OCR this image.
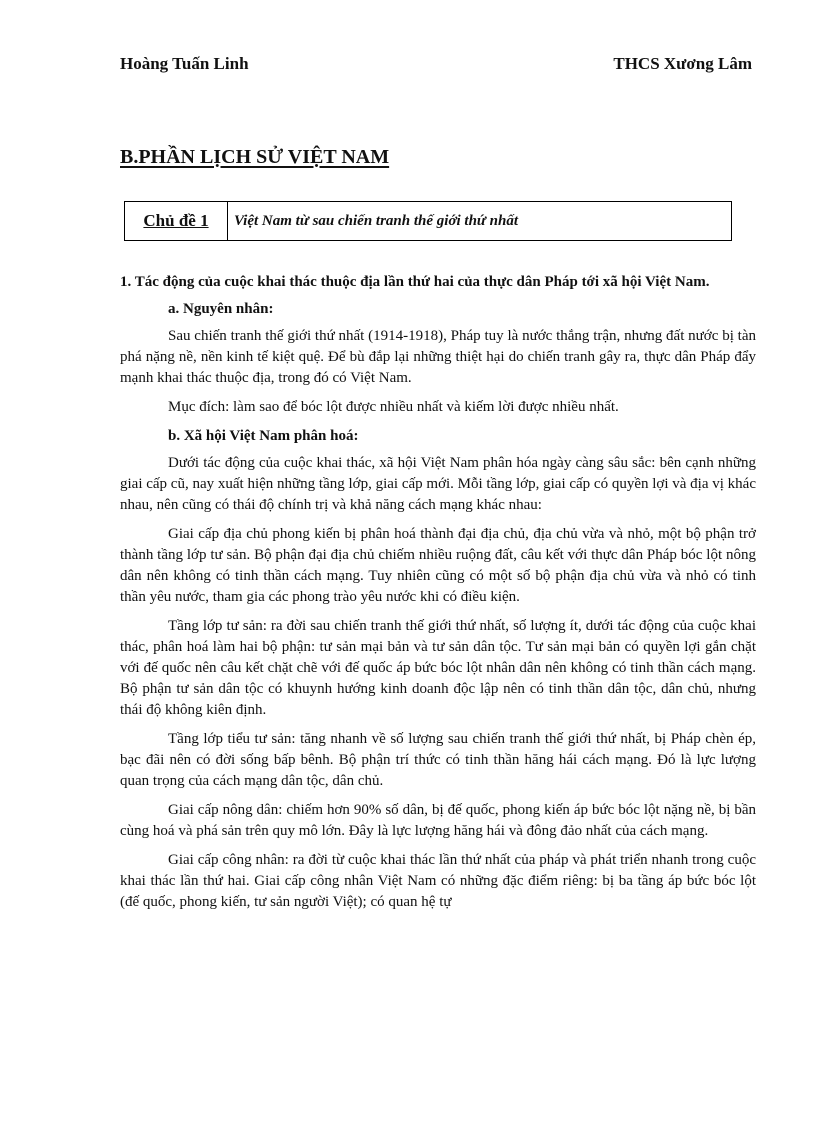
Hoàng Tuấn Linh	THCS Xương Lâm
B.PHẦN LỊCH SỬ VIỆT NAM
Chủ đề 1	Việt Nam từ sau chiến tranh thế giới thứ nhất
1. Tác động của cuộc khai thác thuộc địa lần thứ hai của thực dân Pháp tới xã hội Việt Nam.
a. Nguyên nhân:

Sau chiến tranh thế giới thứ nhất (1914-1918), Pháp tuy là nước thắng trận, nhưng đất nước bị tàn phá nặng nề, nền kinh tế kiệt quệ. Để bù đắp lại những thiệt hại do chiến tranh gây ra, thực dân Pháp đẩy mạnh khai thác thuộc địa, trong đó có Việt Nam.

Mục đích: làm sao để bóc lột được nhiều nhất và kiếm lời được nhiều nhất.

b. Xã hội Việt Nam phân hoá:

Dưới tác động của cuộc khai thác, xã hội Việt Nam phân hóa ngày càng sâu sắc: bên cạnh những giai cấp cũ, nay xuất hiện những tầng lớp, giai cấp mới. Mỗi tầng lớp, giai cấp có quyền lợi và địa vị khác nhau, nên cũng có thái độ chính trị và khả năng cách mạng khác nhau:

Giai cấp địa chủ phong kiến bị phân hoá thành đại địa chủ, địa chủ vừa và nhỏ, một bộ phận trở thành tầng lớp tư sản. Bộ phận đại địa chủ chiếm nhiều ruộng đất, câu kết với thực dân Pháp bóc lột nông dân nên không có tinh thần cách mạng. Tuy nhiên cũng có một số bộ phận địa chủ vừa và nhỏ có tinh thần yêu nước, tham gia các phong trào yêu nước khi có điều kiện.

Tầng lớp tư sản: ra đời sau chiến tranh thế giới thứ nhất, số lượng ít, dưới tác động của cuộc khai thác, phân hoá làm hai bộ phận: tư sản mại bản và tư sản dân tộc. Tư sản mại bản có quyền lợi gắn chặt với đế quốc nên câu kết chặt chẽ với đế quốc áp bức bóc lột nhân dân nên không có tinh thần cách mạng. Bộ phận tư sản dân tộc có khuynh hướng kinh doanh độc lập nên có tinh thần dân tộc, dân chủ, nhưng thái độ không kiên định.

Tầng lớp tiểu tư sản: tăng nhanh về số lượng sau chiến tranh thế giới thứ nhất, bị Pháp chèn ép, bạc đãi nên có đời sống bấp bênh. Bộ phận trí thức có tinh thần hăng hái cách mạng. Đó là lực lượng quan trọng của cách mạng dân tộc, dân chủ.

Giai cấp nông dân: chiếm hơn 90% số dân, bị đế quốc, phong kiến áp bức bóc lột nặng nề, bị bần cùng hoá và phá sản trên quy mô lớn. Đây là lực lượng hăng hái và đông đảo nhất của cách mạng.

Giai cấp công nhân: ra đời từ cuộc khai thác lần thứ nhất của pháp và phát triển nhanh trong cuộc khai thác lần thứ hai. Giai cấp công nhân Việt Nam có những đặc điểm riêng: bị ba tầng áp bức bóc lột (đế quốc, phong kiến, tư sản người Việt); có quan hệ tự
